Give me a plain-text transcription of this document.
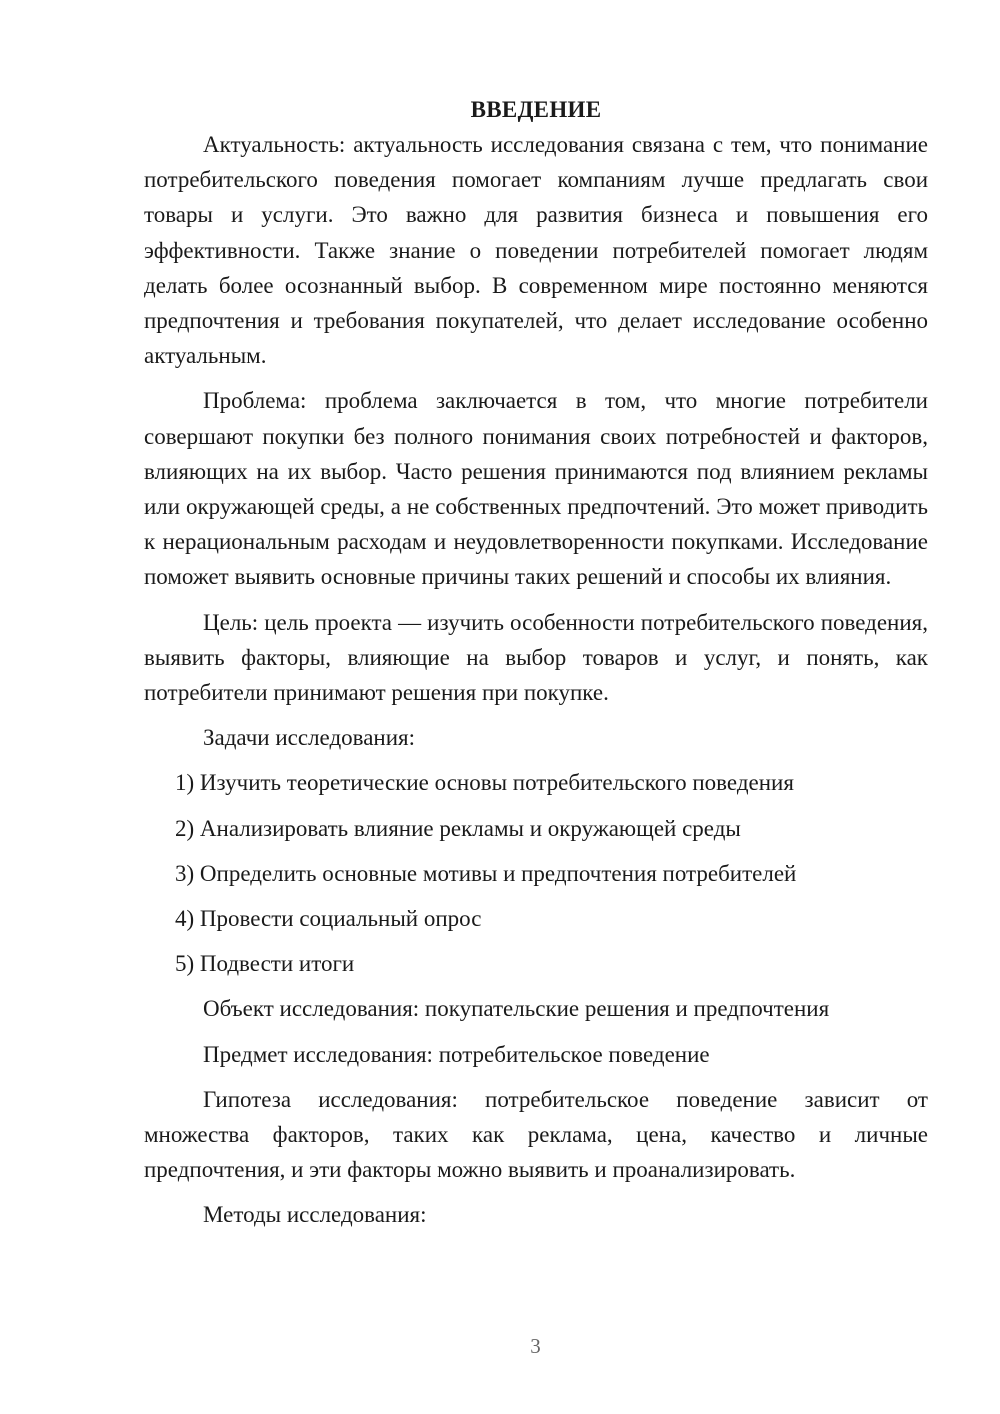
ВВЕДЕНИЕ

Актуальность: актуальность исследования связана с тем, что понимание потребительского поведения помогает компаниям лучше предлагать свои товары и услуги. Это важно для развития бизнеса и повышения его эффективности. Также знание о поведении потребителей помогает людям делать более осознанный выбор. В современном мире постоянно меняются предпочтения и требования покупателей, что делает исследование особенно актуальным.

Проблема: проблема заключается в том, что многие потребители совершают покупки без полного понимания своих потребностей и факторов, влияющих на их выбор. Часто решения принимаются под влиянием рекламы или окружающей среды, а не собственных предпочтений. Это может приводить к нерациональным расходам и неудовлетворенности покупками. Исследование поможет выявить основные причины таких решений и способы их влияния.

Цель: цель проекта — изучить особенности потребительского поведения, выявить факторы, влияющие на выбор товаров и услуг, и понять, как потребители принимают решения при покупке.

Задачи исследования:

1) Изучить теоретические основы потребительского поведения
2) Анализировать влияние рекламы и окружающей среды
3) Определить основные мотивы и предпочтения потребителей
4) Провести социальный опрос
5) Подвести итоги

Объект исследования: покупательские решения и предпочтения

Предмет исследования: потребительское поведение

Гипотеза исследования: потребительское поведение зависит от множества факторов, таких как реклама, цена, качество и личные предпочтения, и эти факторы можно выявить и проанализировать.

Методы исследования:

3
